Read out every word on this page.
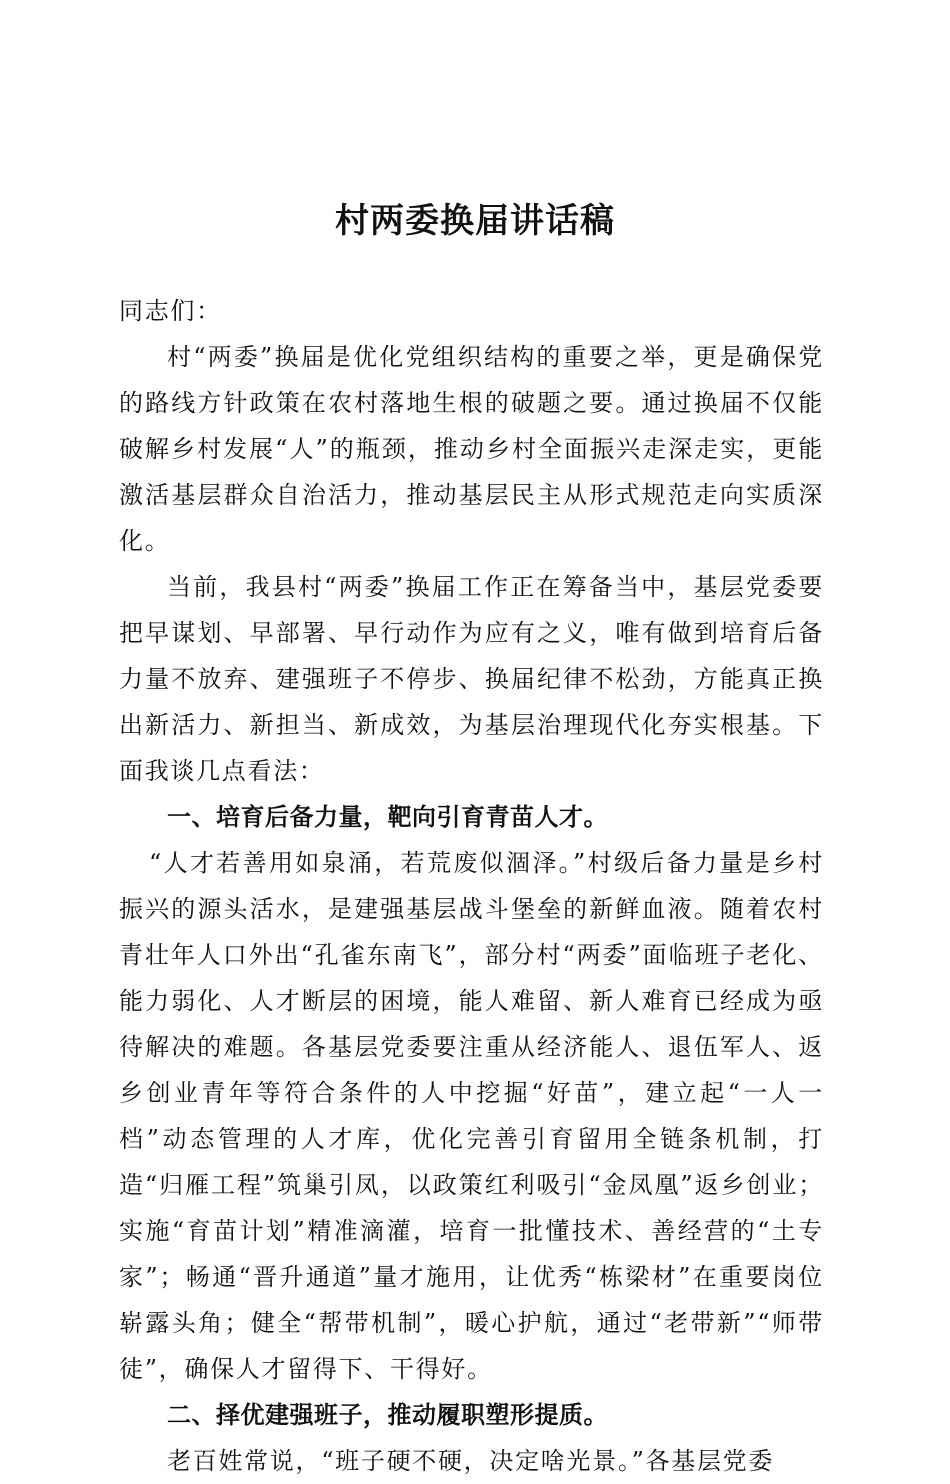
村两委换届讲话稿

同志们：

村“两委”换届是优化党组织结构的重要之举，更是确保党的路线方针政策在农村落地生根的破题之要。通过换届不仅能破解乡村发展“人”的瓶颈，推动乡村全面振兴走深走实，更能激活基层群众自治活力，推动基层民主从形式规范走向实质深化。

当前，我县村“两委”换届工作正在筹备当中，基层党委要把早谋划、早部署、早行动作为应有之义，唯有做到培育后备力量不放弃、建强班子不停步、换届纪律不松劲，方能真正换出新活力、新担当、新成效，为基层治理现代化夯实根基。下面我谈几点看法：

一、培育后备力量，靶向引育青苗人才。

“人才若善用如泉涌，若荒废似涸泽。”村级后备力量是乡村振兴的源头活水，是建强基层战斗堡垒的新鲜血液。随着农村青壮年人口外出“孔雀东南飞”，部分村“两委”面临班子老化、能力弱化、人才断层的困境，能人难留、新人难育已经成为亟待解决的难题。各基层党委要注重从经济能人、退伍军人、返乡创业青年等符合条件的人中挖掘“好苗”，建立起“一人一档”动态管理的人才库，优化完善引育留用全链条机制，打造“归雁工程”筑巢引凤，以政策红利吸引“金凤凰”返乡创业；实施“育苗计划”精准滴灌，培育一批懂技术、善经营的“土专家”；畅通“晋升通道”量才施用，让优秀“栋梁材”在重要岗位崭露头角；健全“帮带机制”，暖心护航，通过“老带新”“师带徒”，确保人才留得下、干得好。

二、择优建强班子，推动履职塑形提质。

老百姓常说，“班子硬不硬，决定啥光景。”各基层党委
